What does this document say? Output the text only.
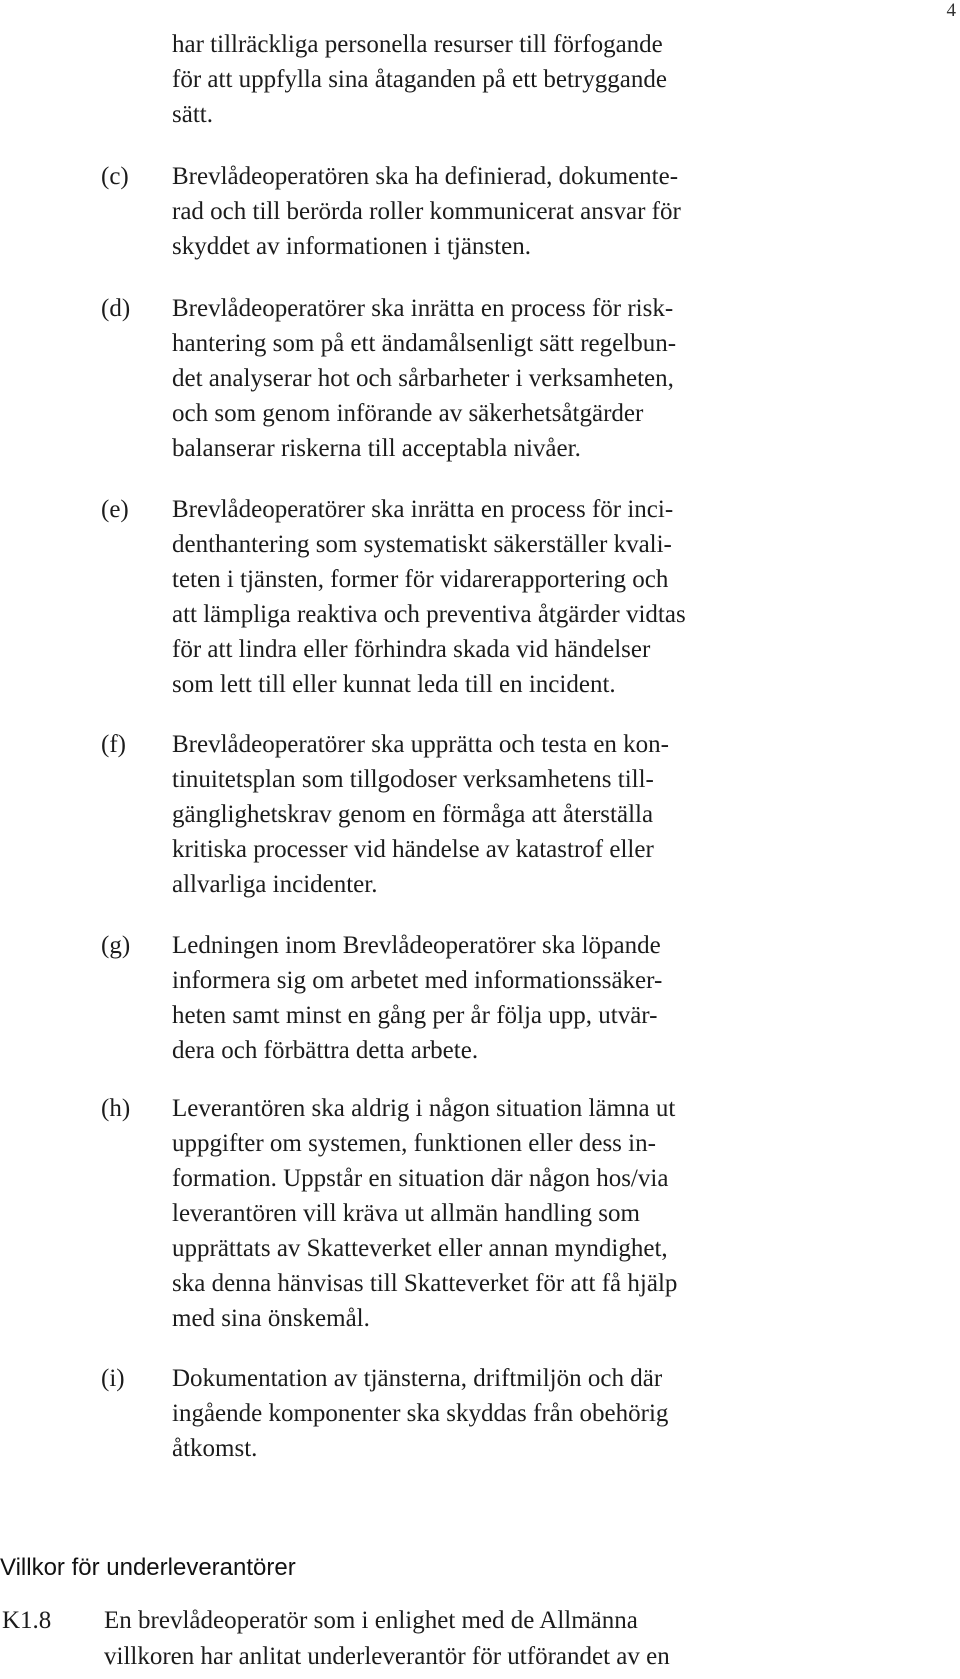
4
har tillräckliga personella resurser till förfogande
för att uppfylla sina åtaganden på ett betryggande
sätt.
(c) Brevlådeoperatören ska ha definierad, dokumente-
rad och till berörda roller kommunicerat ansvar för
skyddet av informationen i tjänsten.
(d) Brevlådeoperatörer ska inrätta en process för risk-
hantering som på ett ändamålsenligt sätt regelbun-
det analyserar hot och sårbarheter i verksamheten,
och som genom införande av säkerhetsåtgärder
balanserar riskerna till acceptabla nivåer.
(e) Brevlådeoperatörer ska inrätta en process för inci-
denthantering som systematiskt säkerställer kvali-
teten i tjänsten, former för vidarerapportering och
att lämpliga reaktiva och preventiva åtgärder vidtas
för att lindra eller förhindra skada vid händelser
som lett till eller kunnat leda till en incident.
(f) Brevlådeoperatörer ska upprätta och testa en kon-
tinuitetsplan som tillgodoser verksamhetens till-
gänglighetskrav genom en förmåga att återställa
kritiska processer vid händelse av katastrof eller
allvarliga incidenter.
(g) Ledningen inom Brevlådeoperatörer ska löpande
informera sig om arbetet med informationssäker-
heten samt minst en gång per år följa upp, utvär-
dera och förbättra detta arbete.
(h) Leverantören ska aldrig i någon situation lämna ut
uppgifter om systemen, funktionen eller dess in-
formation. Uppstår en situation där någon hos/via
leverantören vill kräva ut allmän handling som
upprättats av Skatteverket eller annan myndighet,
ska denna hänvisas till Skatteverket för att få hjälp
med sina önskemål.
(i) Dokumentation av tjänsterna, driftmiljön och där
ingående komponenter ska skyddas från obehörig
åtkomst.
Villkor för underleverantörer
K1.8 En brevlådeoperatör som i enlighet med de Allmänna
villkoren har anlitat underleverantör för utförandet av en
